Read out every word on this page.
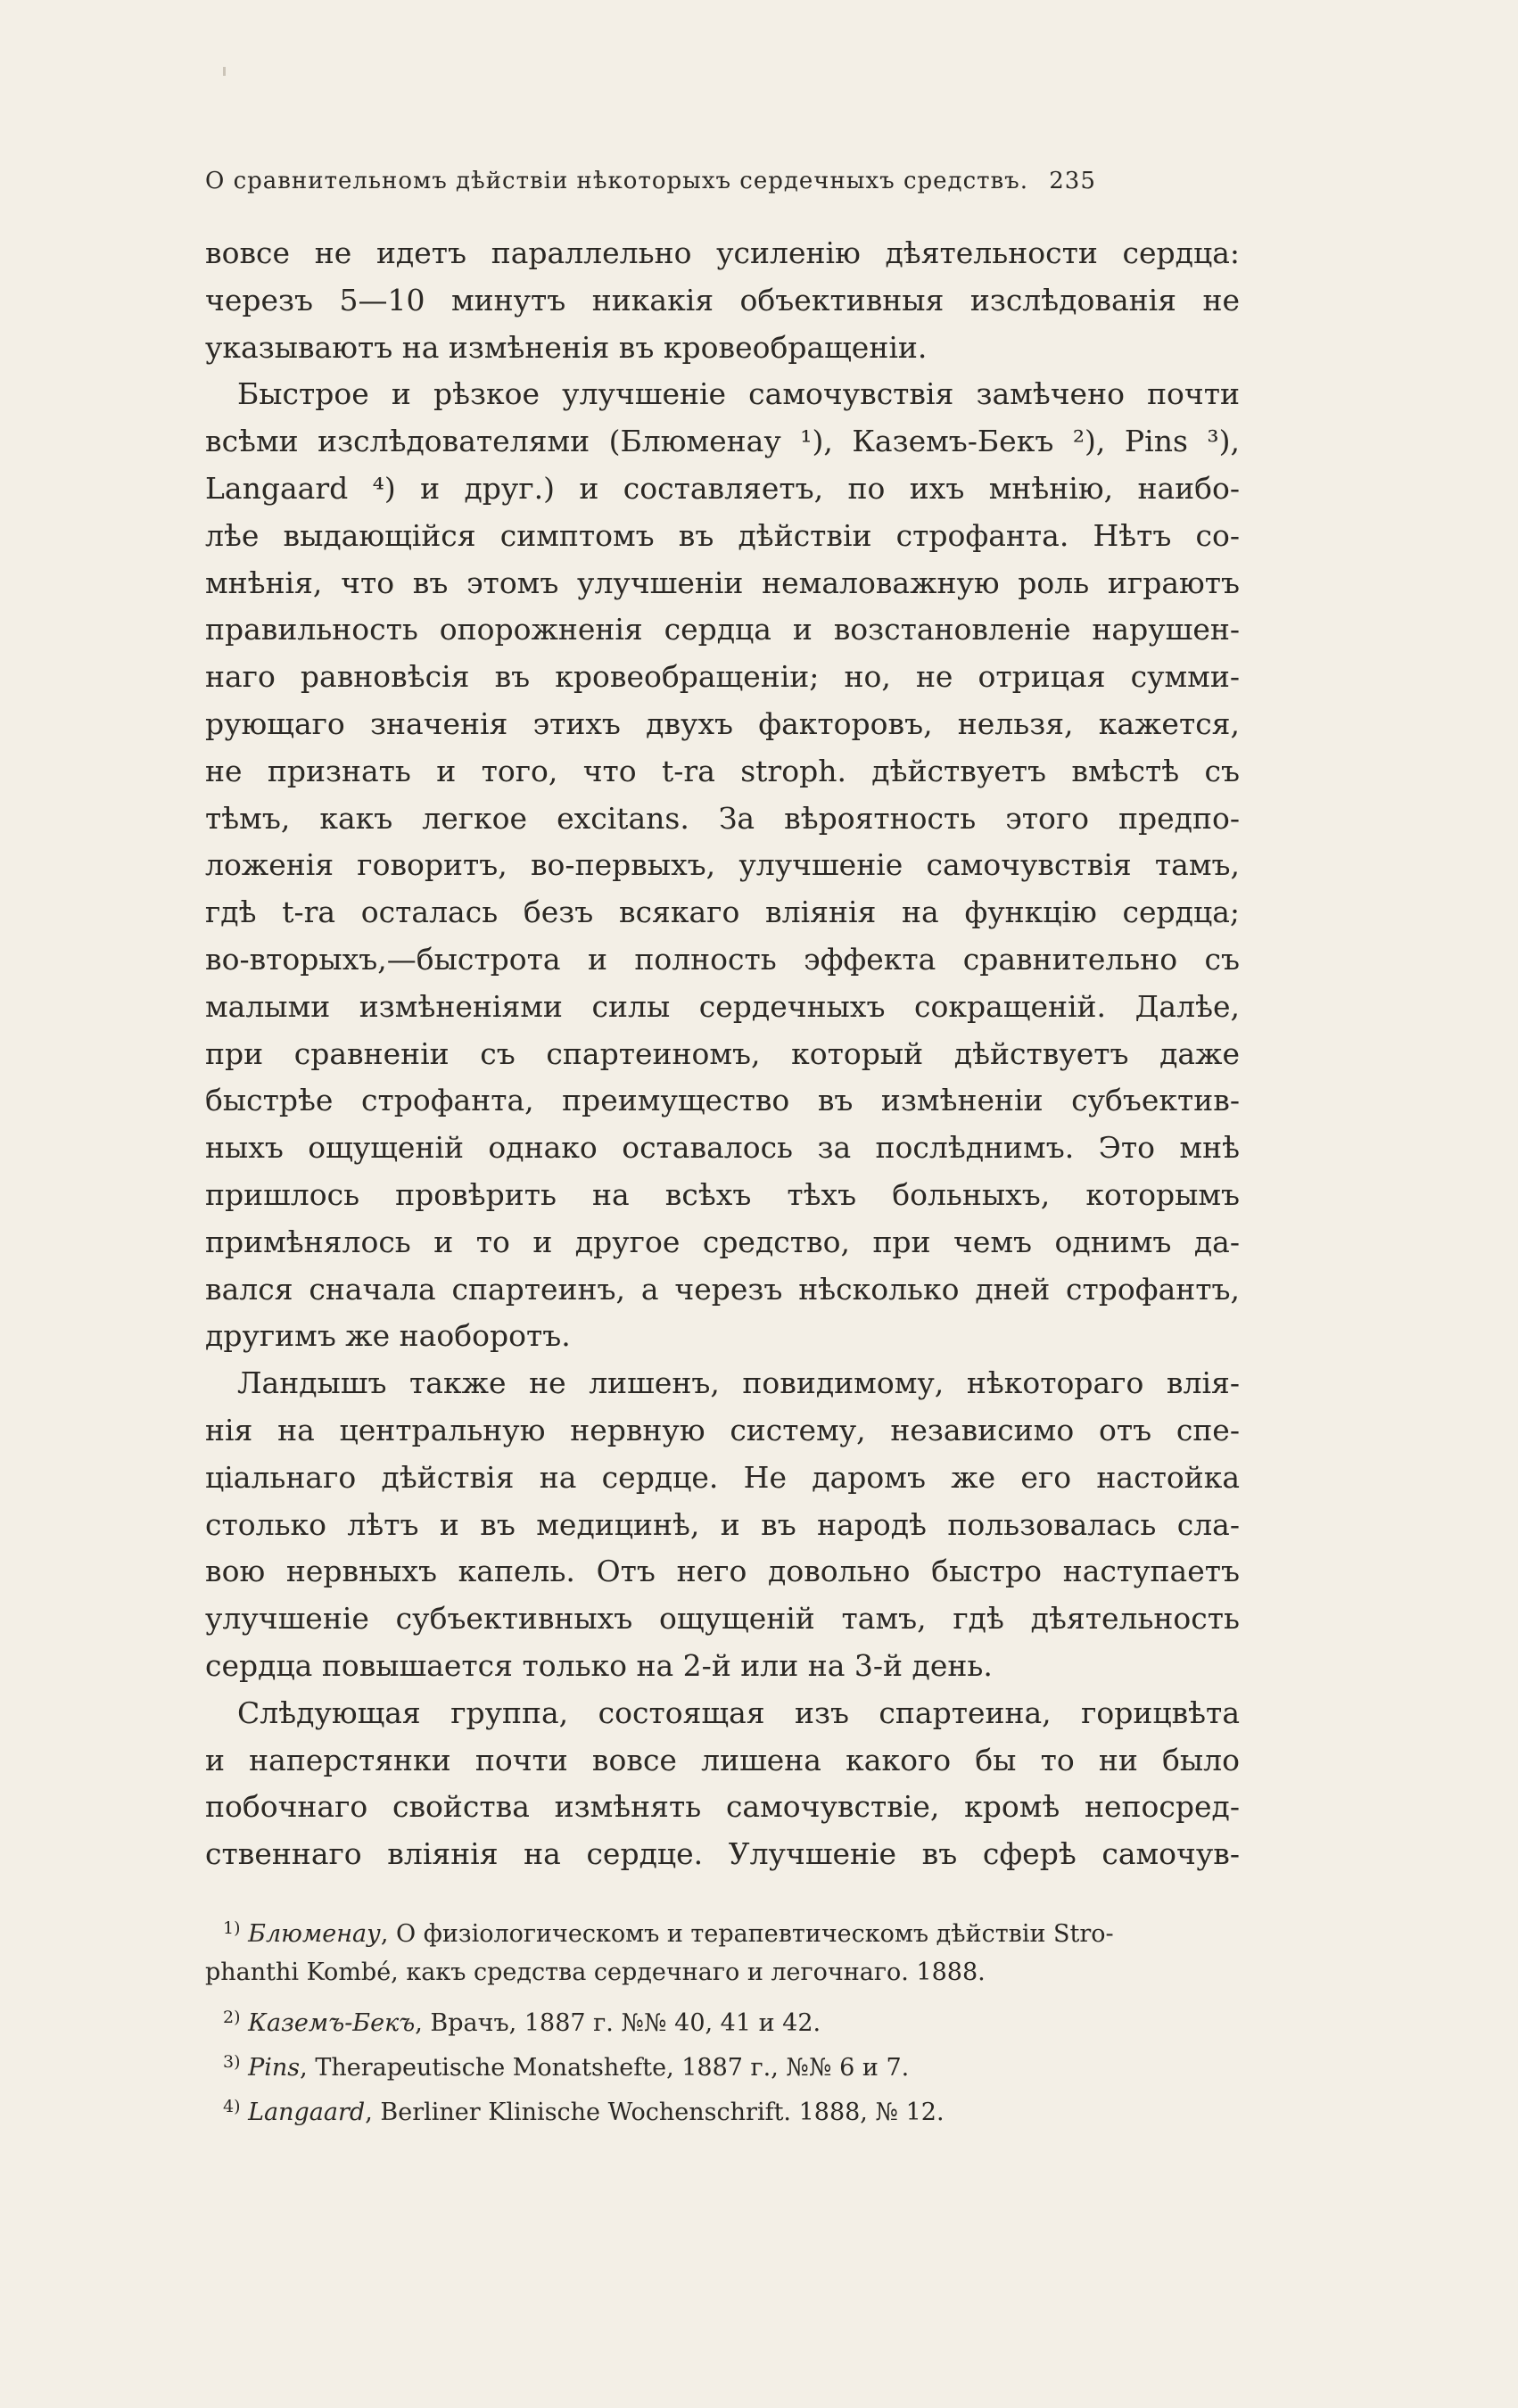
О сравнительномъ дѣйствіи нѣкоторыхъ сердечныхъ средствъ. 235
вовсе не идетъ параллельно усиленію дѣятельности сердца:
черезъ 5—10 минутъ никакія объективныя изслѣдованія не
указываютъ на измѣненія въ кровеобращеніи.
Быстрое и рѣзкое улучшеніе самочувствія замѣчено почти
всѣми изслѣдователями (Блюменау ¹), Каземъ-Бекъ ²), Pins ³),
Langaard ⁴) и друг.) и составляетъ, по ихъ мнѣнію, наибо-
лѣе выдающійся симптомъ въ дѣйствіи строфанта. Нѣтъ со-
мнѣнія, что въ этомъ улучшеніи немаловажную роль играютъ
правильность опорожненія сердца и возстановленіе нарушен-
наго равновѣсія въ кровеобращеніи; но, не отрицая сумми-
рующаго значенія этихъ двухъ факторовъ, нельзя, кажется,
не признать и того, что t-ra stroph. дѣйствуетъ вмѣстѣ съ
тѣмъ, какъ легкое excitans. За вѣроятность этого предпо-
ложенія говоритъ, во-первыхъ, улучшеніе самочувствія тамъ,
гдѣ t-ra осталась безъ всякаго вліянія на функцію сердца;
во-вторыхъ,—быстрота и полность эффекта сравнительно съ
малыми измѣненіями силы сердечныхъ сокращеній. Далѣе,
при сравненіи съ спартеиномъ, который дѣйствуетъ даже
быстрѣе строфанта, преимущество въ измѣненіи субъектив-
ныхъ ощущеній однако оставалось за послѣднимъ. Это мнѣ
пришлось провѣрить на всѣхъ тѣхъ больныхъ, которымъ
примѣнялось и то и другое средство, при чемъ однимъ да-
вался сначала спартеинъ, а черезъ нѣсколько дней строфантъ,
другимъ же наоборотъ.
Ландышъ также не лишенъ, повидимому, нѣкотораго влія-
нія на центральную нервную систему, независимо отъ спе-
ціальнаго дѣйствія на сердце. Не даромъ же его настойка
столько лѣтъ и въ медицинѣ, и въ народѣ пользовалась сла-
вою нервныхъ капель. Отъ него довольно быстро наступаетъ
улучшеніе субъективныхъ ощущеній тамъ, гдѣ дѣятельность
сердца повышается только на 2-й или на 3-й день.
Слѣдующая группа, состоящая изъ спартеина, горицвѣта
и наперстянки почти вовсе лишена какого бы то ни было
побочнаго свойства измѣнять самочувствіе, кромѣ непосред-
ственнаго вліянія на сердце. Улучшеніе въ сферѣ самочув-
$^{1)}$ Блюменау, О физіологическомъ и терапевтическомъ дѣйствіи Stro-
phanthi Kombé, какъ средства сердечнаго и легочнаго. 1888.
$^{2)}$ Каземъ-Бекъ, Врачъ, 1887 г. №№ 40, 41 и 42.
$^{3)}$ Pins, Therapeutische Monatshefte, 1887 г., №№ 6 и 7.
$^{4)}$ Langaard, Berliner Klinische Wochenschrift. 1888, № 12.
